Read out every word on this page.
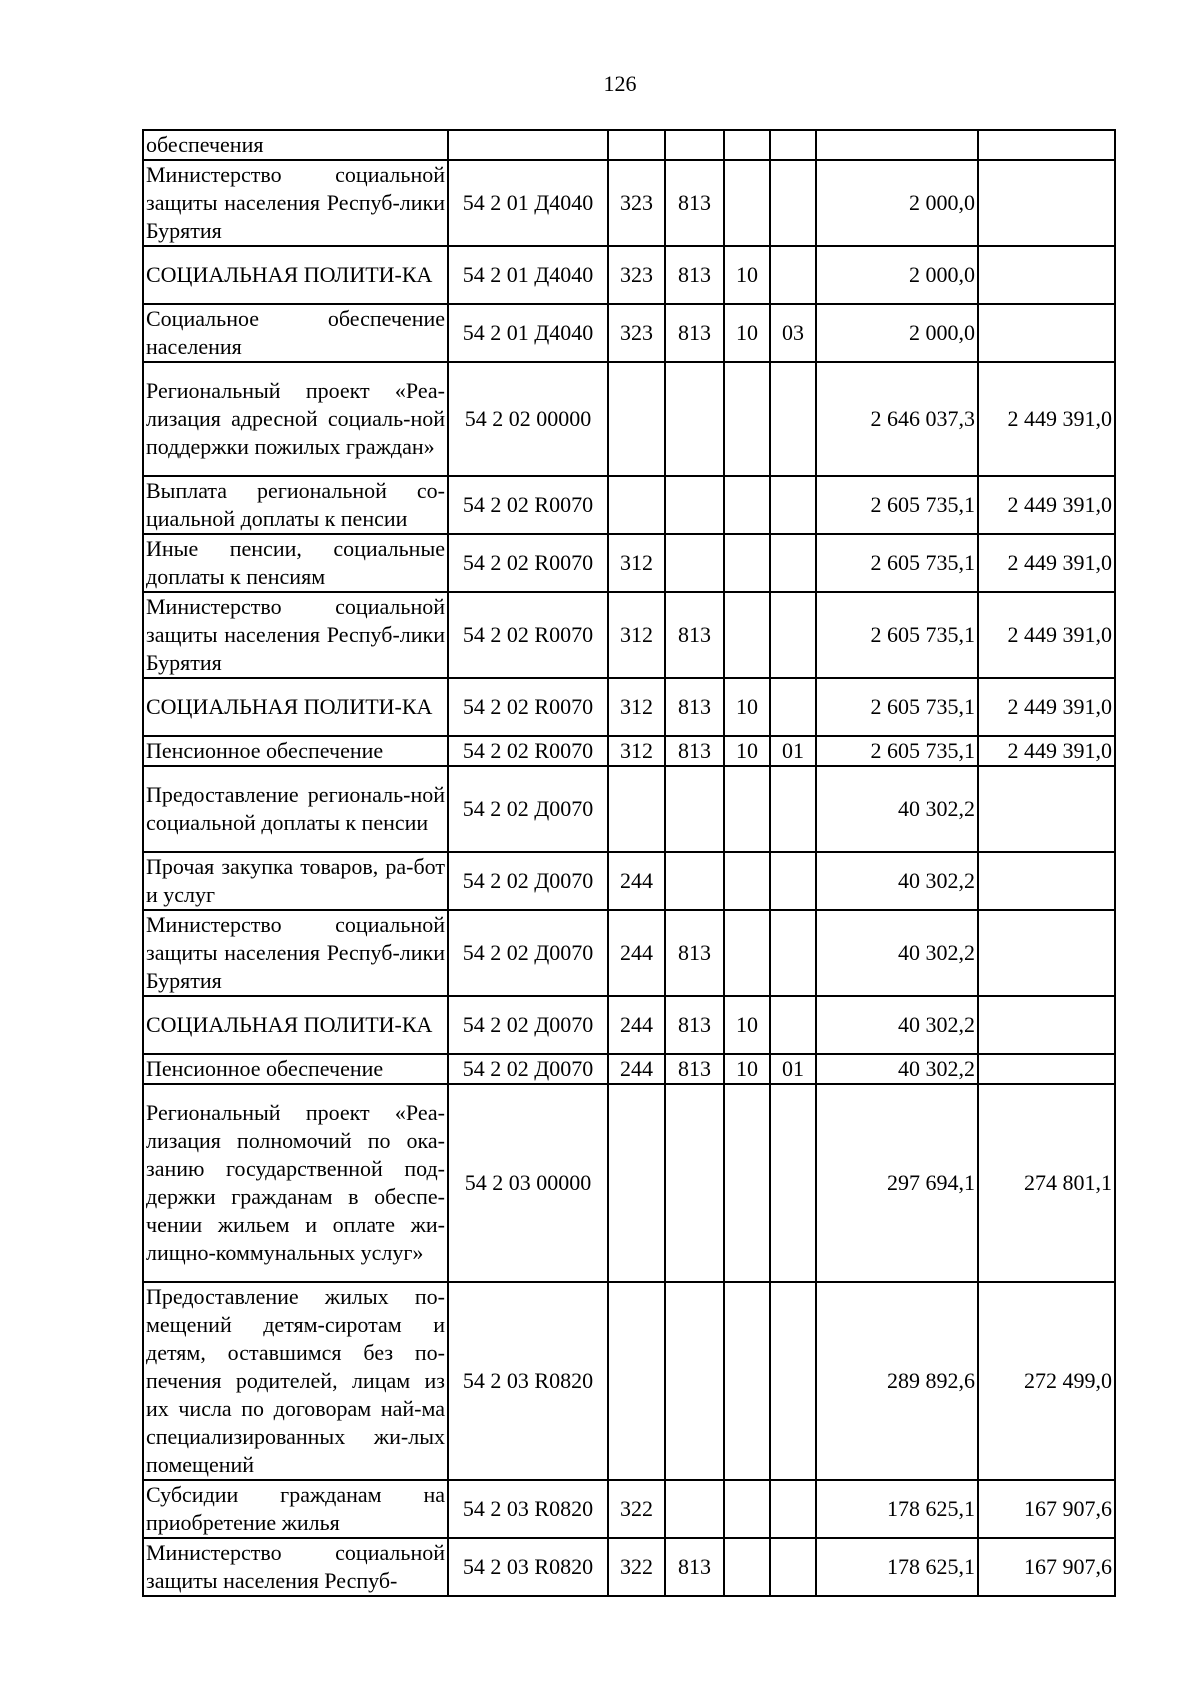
126
обеспечения							
Министерство социальной защиты населения Респуб-лики Бурятия	54 2 01 Д4040	323	813			2 000,0	
СОЦИАЛЬНАЯ ПОЛИТИ-КА	54 2 01 Д4040	323	813	10		2 000,0	
Социальное обеспечение населения	54 2 01 Д4040	323	813	10	03	2 000,0	
Региональный проект «Реа-лизация адресной социаль-ной поддержки пожилых граждан»	54 2 02 00000					2 646 037,3	2 449 391,0
Выплата региональной со-циальной доплаты к пенсии	54 2 02 R0070					2 605 735,1	2 449 391,0
Иные пенсии, социальные доплаты к пенсиям	54 2 02 R0070	312				2 605 735,1	2 449 391,0
Министерство социальной защиты населения Респуб-лики Бурятия	54 2 02 R0070	312	813			2 605 735,1	2 449 391,0
СОЦИАЛЬНАЯ ПОЛИТИ-КА	54 2 02 R0070	312	813	10		2 605 735,1	2 449 391,0
Пенсионное обеспечение	54 2 02 R0070	312	813	10	01	2 605 735,1	2 449 391,0
Предоставление региональ-ной социальной доплаты к пенсии	54 2 02 Д0070					40 302,2	
Прочая закупка товаров, ра-бот и услуг	54 2 02 Д0070	244				40 302,2	
Министерство социальной защиты населения Респуб-лики Бурятия	54 2 02 Д0070	244	813			40 302,2	
СОЦИАЛЬНАЯ ПОЛИТИ-КА	54 2 02 Д0070	244	813	10		40 302,2	
Пенсионное обеспечение	54 2 02 Д0070	244	813	10	01	40 302,2	
Региональный проект «Реа-лизация полномочий по ока-занию государственной под-держки гражданам в обеспе-чении жильем и оплате жи-лищно-коммунальных услуг»	54 2 03 00000					297 694,1	274 801,1
Предоставление жилых по-мещений детям-сиротам и детям, оставшимся без по-печения родителей, лицам из их числа по договорам най-ма специализированных жи-лых помещений	54 2 03 R0820					289 892,6	272 499,0
Субсидии гражданам на приобретение жилья	54 2 03 R0820	322				178 625,1	167 907,6
Министерство социальной защиты населения Респуб-	54 2 03 R0820	322	813			178 625,1	167 907,6
